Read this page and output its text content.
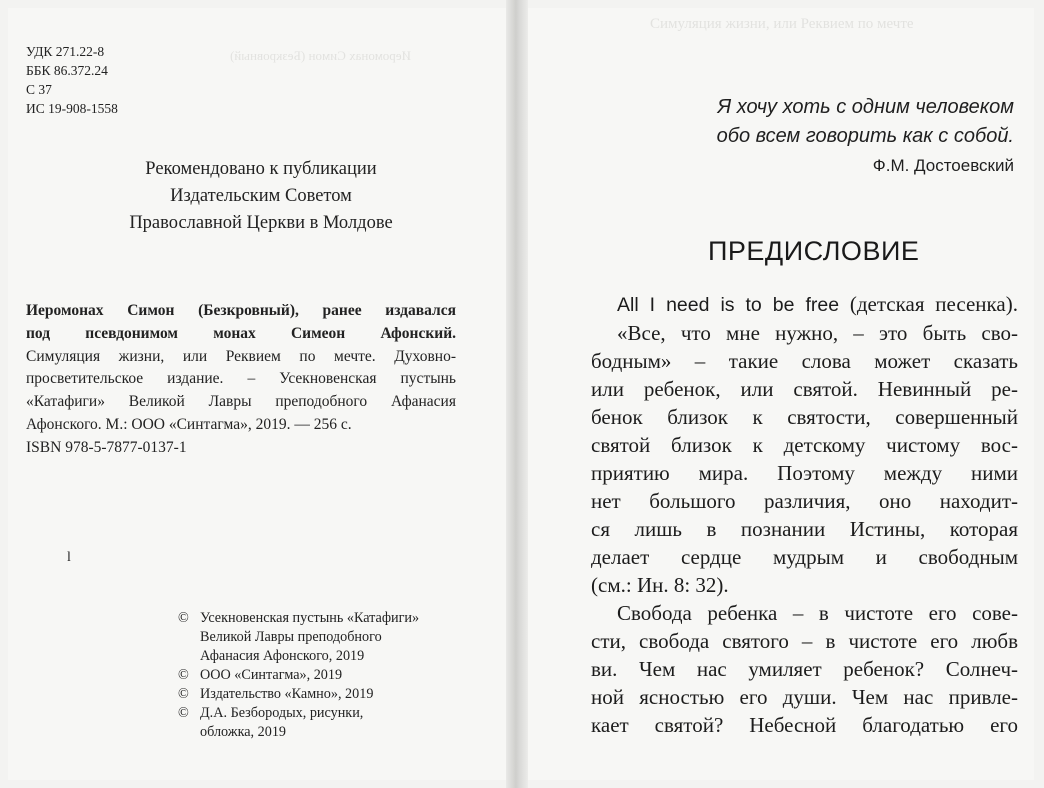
Симуляция жизни, или Реквием по мечте
Иеромонах Симон (Безкровный)
УДК 271.22-8
ББК 86.372.24
С 37
ИС 19-908-1558
Рекомендовано к публикации
Издательским Советом
Православной Церкви в Молдове
Иеромонах Симон (Безкровный), ранее издавался
под псевдонимом монах Симеон Афонский.
Симуляция жизни, или Реквием по мечте. Духовно-
просветительское издание. – Усекновенская пустынь
«Катафиги» Великой Лавры преподобного Афанасия
Афонского. М.: ООО «Синтагма», 2019. — 256 с.
ISBN 978-5-7877-0137-1
l
© Усекновенская пустынь «Катафиги»
Великой Лавры преподобного
Афанасия Афонского, 2019
© ООО «Синтагма», 2019
© Издательство «Камно», 2019
© Д.А. Безбородых, рисунки,
обложка, 2019
Я хочу хоть с одним человеком
обо всем говорить как с собой.
Ф.М. Достоевский
ПРЕДИСЛОВИЕ
All I need is to be free (детская песенка).
«Все, что мне нужно, – это быть сво-
бодным» – такие слова может сказать
или ребенок, или святой. Невинный ре-
бенок близок к святости, совершенный
святой близок к детскому чистому вос-
приятию мира. Поэтому между ними
нет большого различия, оно находит-
ся лишь в познании Истины, которая
делает сердце мудрым и свободным
(см.: Ин. 8: 32).
Свобода ребенка – в чистоте его сове-
сти, свобода святого – в чистоте его любв
ви. Чем нас умиляет ребенок? Солнеч-
ной ясностью его души. Чем нас привле-
кает святой? Небесной благодатью его
